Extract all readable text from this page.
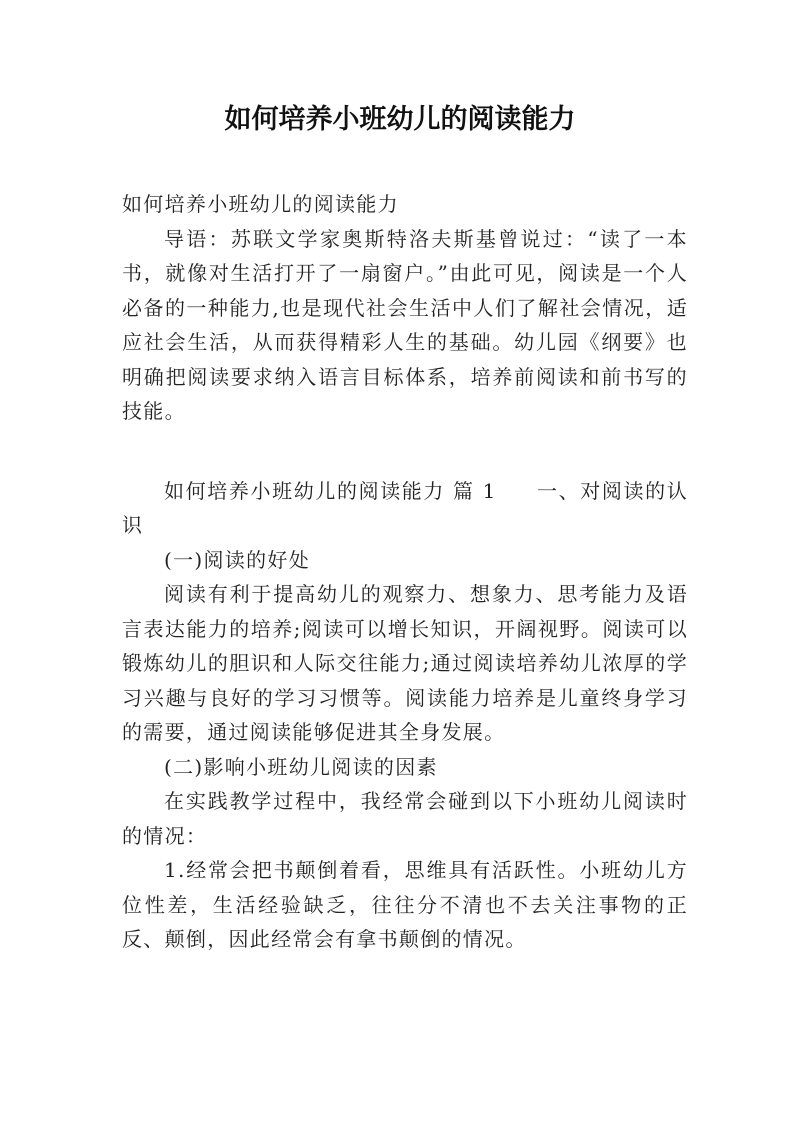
如何培养小班幼儿的阅读能力

如何培养小班幼儿的阅读能力

导语：苏联文学家奥斯特洛夫斯基曾说过：“读了一本书，就像对生活打开了一扇窗户。”由此可见，阅读是一个人必备的一种能力,也是现代社会生活中人们了解社会情况，适应社会生活，从而获得精彩人生的基础。幼儿园《纲要》也明确把阅读要求纳入语言目标体系，培养前阅读和前书写的技能。

如何培养小班幼儿的阅读能力 篇 1 一、对阅读的认识

(一)阅读的好处

阅读有利于提高幼儿的观察力、想象力、思考能力及语言表达能力的培养;阅读可以增长知识，开阔视野。阅读可以锻炼幼儿的胆识和人际交往能力;通过阅读培养幼儿浓厚的学习兴趣与良好的学习习惯等。阅读能力培养是儿童终身学习的需要，通过阅读能够促进其全身发展。

(二)影响小班幼儿阅读的因素

在实践教学过程中，我经常会碰到以下小班幼儿阅读时的情况：

1.经常会把书颠倒着看，思维具有活跃性。小班幼儿方位性差，生活经验缺乏，往往分不清也不去关注事物的正反、颠倒，因此经常会有拿书颠倒的情况。
